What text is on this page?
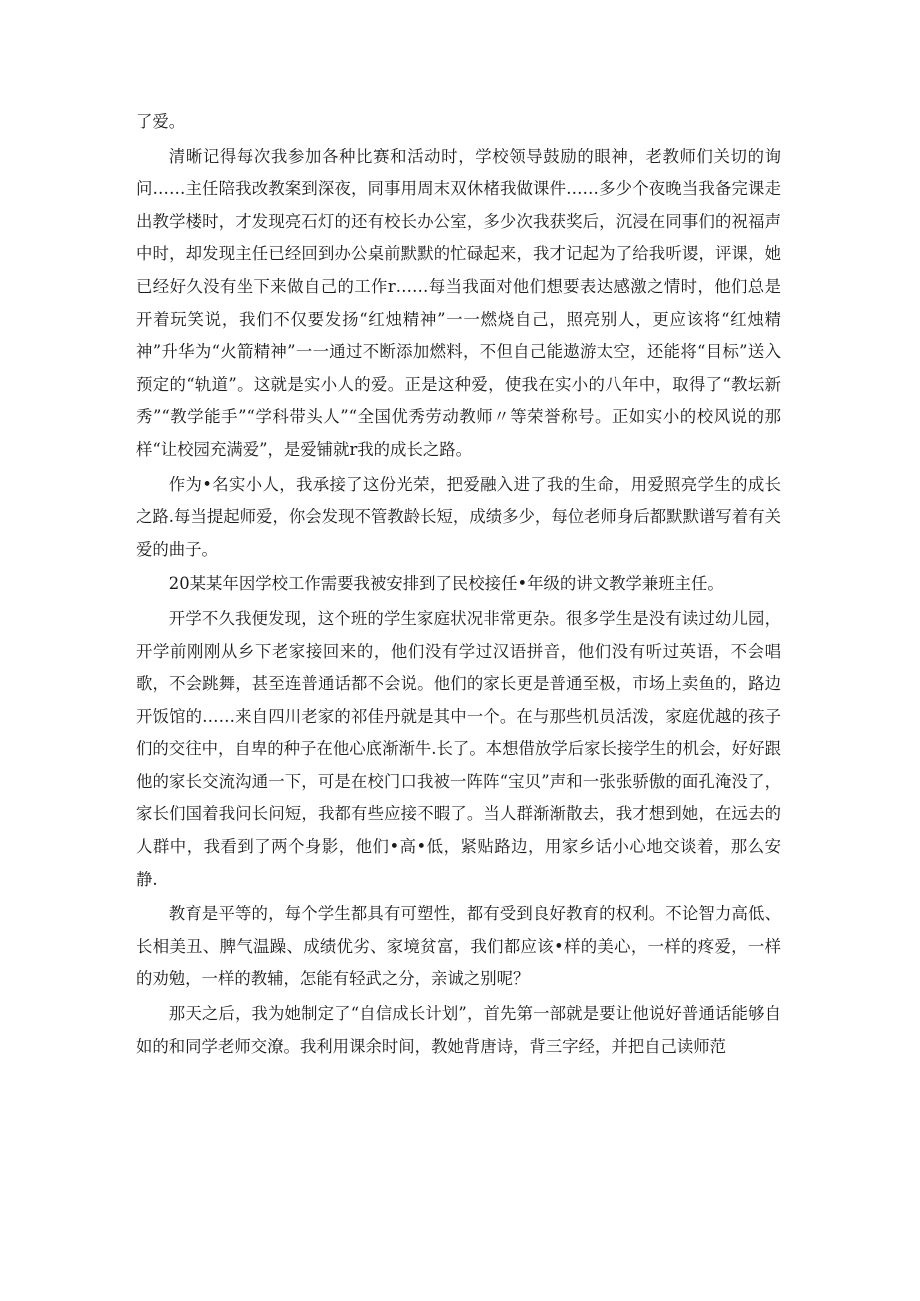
了爱。

清晰记得每次我参加各种比赛和活动时，学校领导鼓励的眼神，老教师们关切的询问……主任陪我改教案到深夜，同事用周末双休楮我做课件……多少个夜晚当我备完课走出教学楼时，才发现亮石灯的还有校长办公室，多少次我获奖后，沉浸在同事们的祝福声中时，却发现主任已经回到办公桌前默默的忙碌起来，我才记起为了给我听谡，评课，她已经好久没有坐下来做自己的工作r……每当我面对他们想要表达感激之情时，他们总是开着玩笑说，我们不仅要发扬“红烛精神”一一燃烧自己，照亮别人，更应该将“红烛精神”升华为“火箭精神”一一通过不断添加燃料，不但自己能遨游太空，还能将“目标”送入预定的“轨道”。这就是实小人的爱。正是这种爱，使我在实小的八年中，取得了“教坛新秀”“教学能手”“学科带头人”“全国优秀劳动教师〃等荣誉称号。正如实小的校风说的那样“让校园充满爱”，是爱铺就r我的成长之路。

作为•名实小人，我承接了这份光荣，把爱融入进了我的生命，用爱照亮学生的成长之路.每当提起师爱，你会发现不管教龄长短，成绩多少，每位老师身后都默默谱写着有关爱的曲子。

20某某年因学校工作需要我被安排到了民校接任•年级的讲文教学兼班主任。

开学不久我便发现，这个班的学生家庭状况非常更杂。很多学生是没有读过幼儿园，开学前刚刚从乡下老家接回来的，他们没有学过汉语拼音，他们没有听过英语，不会唱歌，不会跳舞，甚至连普通话都不会说。他们的家长更是普通至极，市场上卖鱼的，路边开饭馆的……来自四川老家的祁佳丹就是其中一个。在与那些机员活泼，家庭优越的孩子们的交往中，自卑的种子在他心底渐渐牛.长了。本想借放学后家长接学生的机会，好好跟他的家长交流沟通一下，可是在校门口我被一阵阵“宝贝”声和一张张骄傲的面孔淹没了，家长们国着我问长问短，我都有些应接不暇了。当人群渐渐散去，我才想到她，在远去的人群中，我看到了两个身影，他们•高•低，紧贴路边，用家乡话小心地交谈着，那么安静.

教育是平等的，每个学生都具有可塑性，都有受到良好教育的权利。不论智力高低、长相美丑、脾气温躁、成绩优劣、家境贫富，我们都应该•样的美心，一样的疼爱，一样的劝勉，一样的教辅，怎能有轻武之分，亲诚之别呢？

那天之后，我为她制定了“自信成长计划”，首先第一部就是要让他说好普通话能够自如的和同学老师交潦。我利用课余时间，教她背唐诗，背三字经，并把自己读师范
